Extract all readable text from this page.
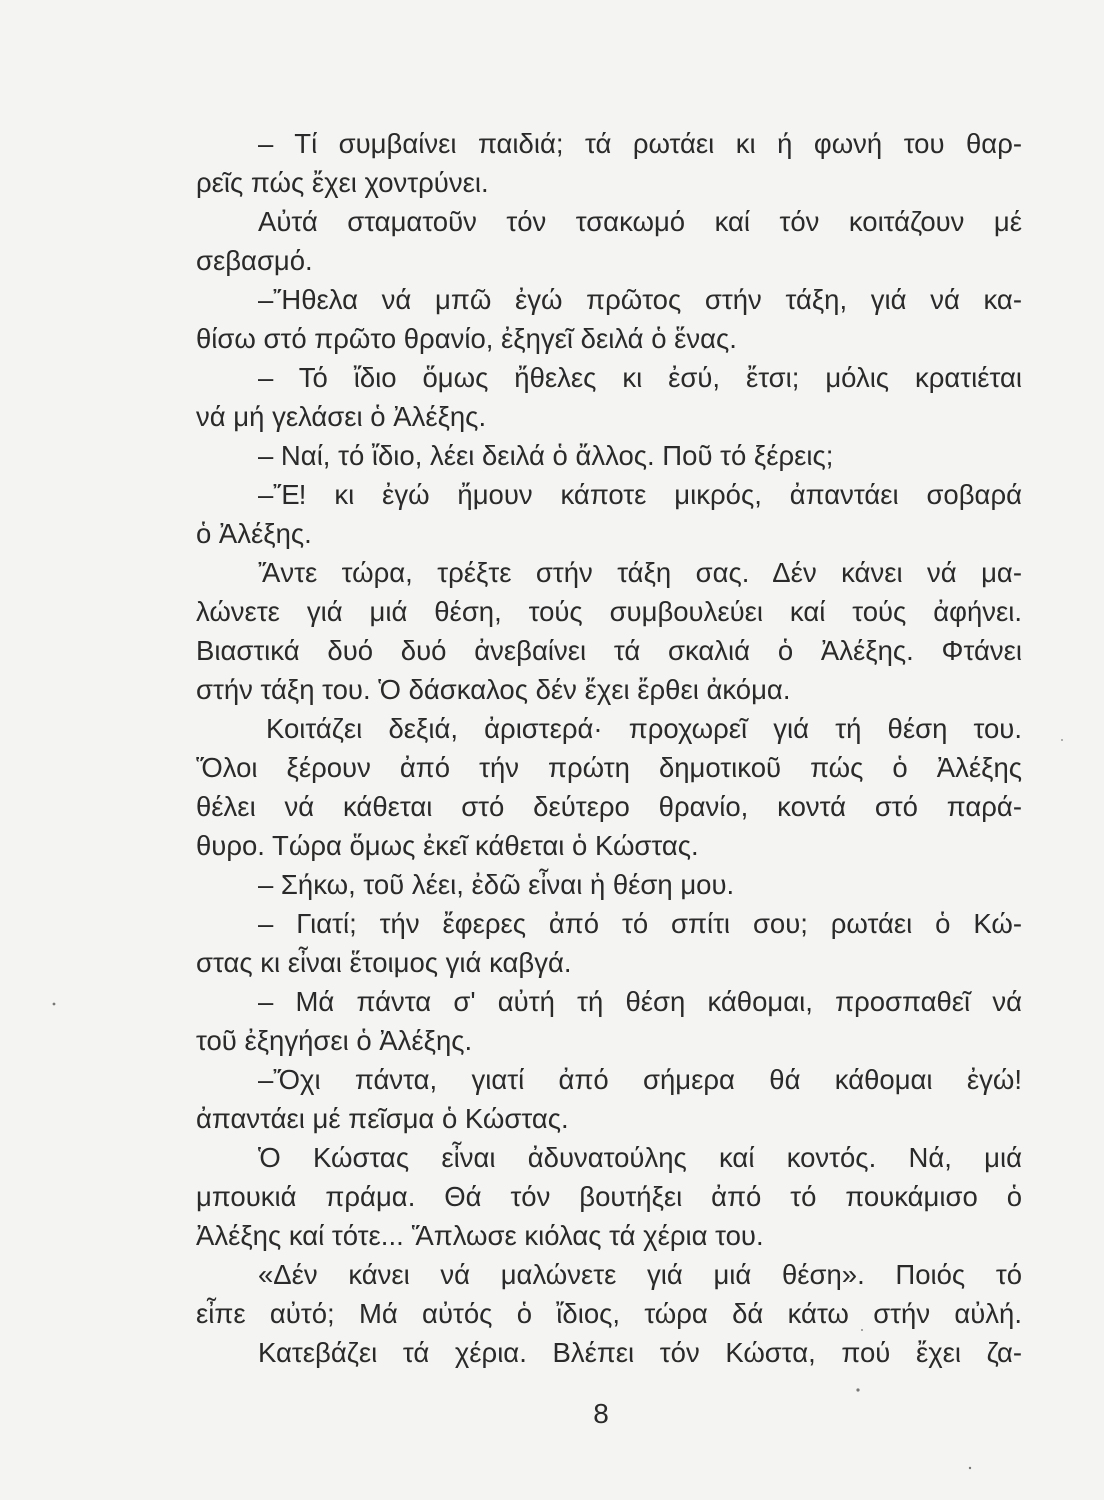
– Τί συμβαίνει παιδιά; τά ρωτάει κι ή φωνή του θαρ-
ρεῖς πώς ἔχει χοντρύνει.
Αὐτά σταματοῦν τόν τσακωμό καί τόν κοιτάζουν μέ
σεβασμό.
–Ἤθελα νά μπῶ ἐγώ πρῶτος στήν τάξη, γιά νά κα-
θίσω στό πρῶτο θρανίο, ἐξηγεῖ δειλά ὁ ἕνας.
– Τό ἴδιο ὅμως ἤθελες κι ἐσύ, ἔτσι; μόλις κρατιέται
νά μή γελάσει ὁ Ἀλέξης.
– Ναί, τό ἴδιο, λέει δειλά ὁ ἄλλος. Ποῦ τό ξέρεις;
–Ἔ! κι ἐγώ ἤμουν κάποτε μικρός, ἀπαντάει σοβαρά
ὁ Ἀλέξης.
Ἄντε τώρα, τρέξτε στήν τάξη σας. Δέν κάνει νά μα-
λώνετε γιά μιά θέση, τούς συμβουλεύει καί τούς ἀφήνει.
Βιαστικά δυό δυό ἀνεβαίνει τά σκαλιά ὁ Ἀλέξης. Φτάνει
στήν τάξη του. Ὁ δάσκαλος δέν ἔχει ἔρθει ἀκόμα.
Κοιτάζει δεξιά, ἀριστερά· προχωρεῖ γιά τή θέση του.
Ὅλοι ξέρουν ἀπό τήν πρώτη δημοτικοῦ πώς ὁ Ἀλέξης
θέλει νά κάθεται στό δεύτερο θρανίο, κοντά στό παρά-
θυρο. Τώρα ὅμως ἐκεῖ κάθεται ὁ Κώστας.
– Σήκω, τοῦ λέει, ἐδῶ εἶναι ἡ θέση μου.
– Γιατί; τήν ἔφερες ἀπό τό σπίτι σου; ρωτάει ὁ Κώ-
στας κι εἶναι ἕτοιμος γιά καβγά.
– Μά πάντα σ' αὐτή τή θέση κάθομαι, προσπαθεῖ νά
τοῦ ἐξηγήσει ὁ Ἀλέξης.
–Ὄχι πάντα, γιατί ἀπό σήμερα θά κάθομαι ἐγώ!
ἀπαντάει μέ πεῖσμα ὁ Κώστας.
Ὁ Κώστας εἶναι ἀδυνατούλης καί κοντός. Νά, μιά
μπουκιά πράμα. Θά τόν βουτήξει ἀπό τό πουκάμισο ὁ
Ἀλέξης καί τότε... Ἅπλωσε κιόλας τά χέρια του.
«Δέν κάνει νά μαλώνετε γιά μιά θέση». Ποιός τό
εἶπε αὐτό; Μά αὐτός ὁ ἴδιος, τώρα δά κάτω στήν αὐλή.
Κατεβάζει τά χέρια. Βλέπει τόν Κώστα, πού ἔχει ζα-
8
